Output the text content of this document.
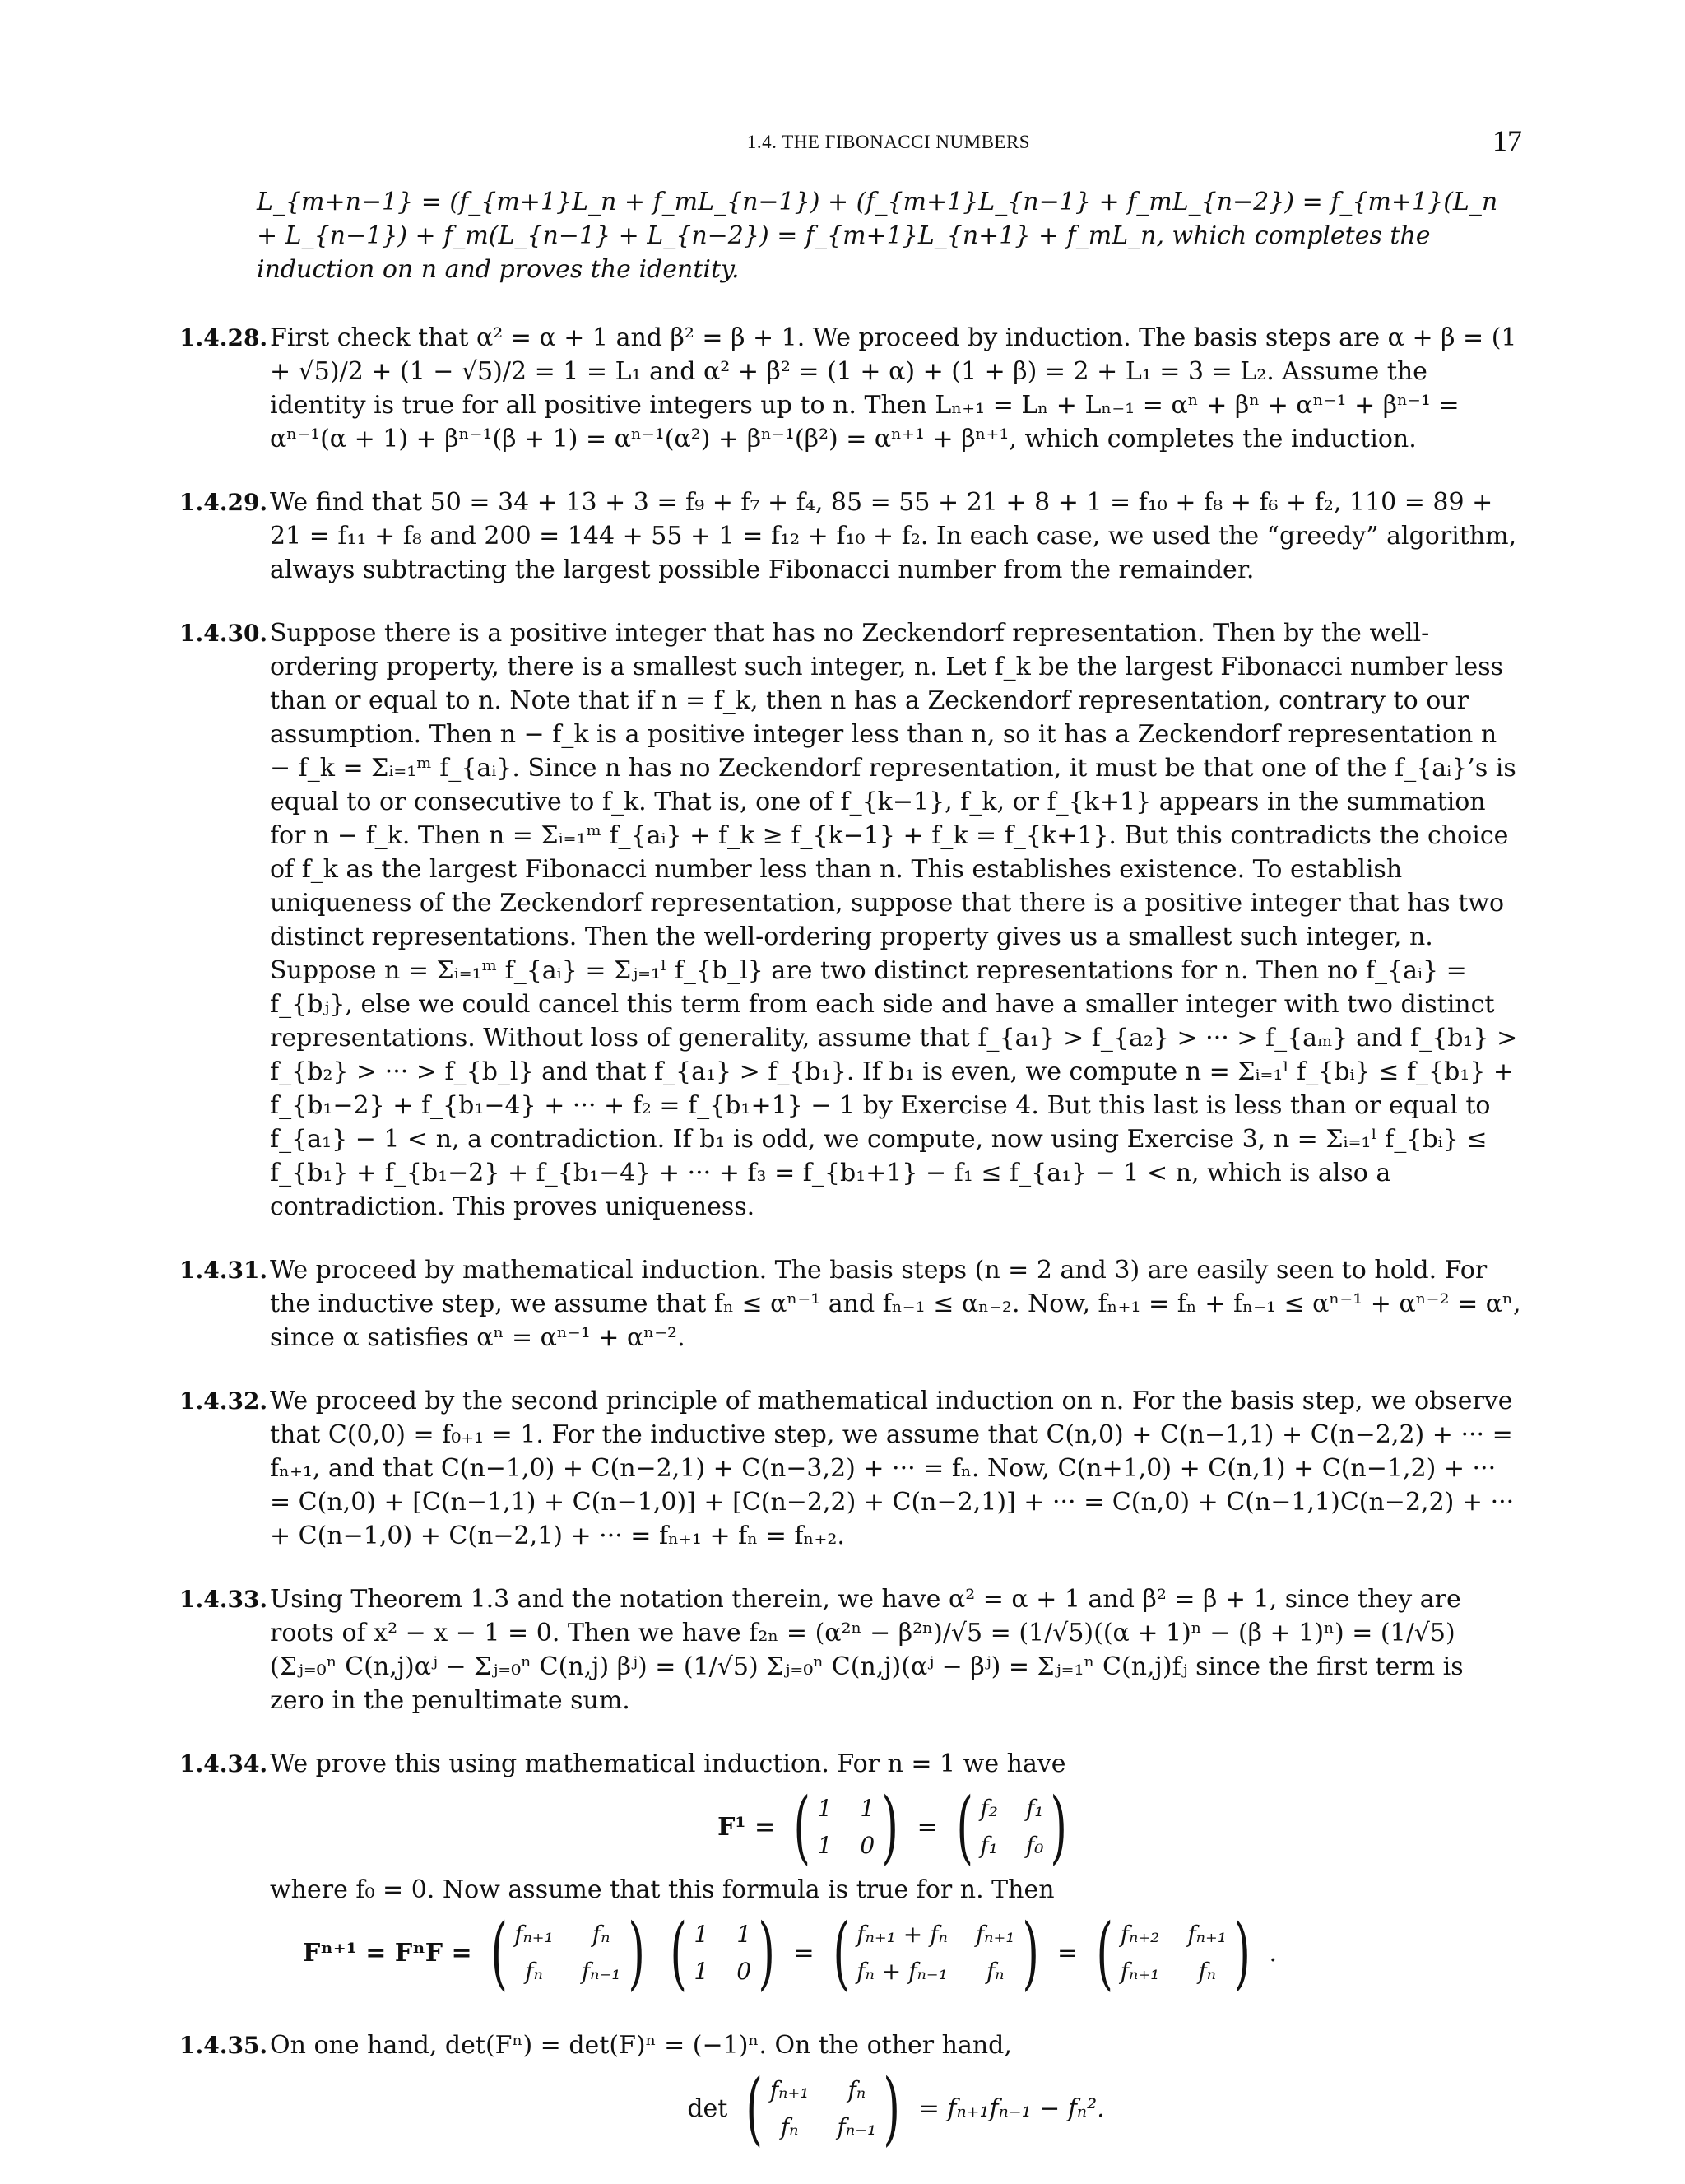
1.4. THE FIBONACCI NUMBERS	17
L_{m+n−1} = (f_{m+1}L_n + f_mL_{n−1}) + (f_{m+1}L_{n−1} + f_mL_{n−2}) = f_{m+1}(L_n + L_{n−1}) + f_m(L_{n−1} + L_{n−2}) = f_{m+1}L_{n+1} + f_mL_n, which completes the induction on n and proves the identity.
1.4.28. First check that α² = α + 1 and β² = β + 1. We proceed by induction. The basis steps are α + β = (1 + √5)/2 + (1 − √5)/2 = 1 = L₁ and α² + β² = (1 + α) + (1 + β) = 2 + L₁ = 3 = L₂. Assume the identity is true for all positive integers up to n. Then Lₙ₊₁ = Lₙ + Lₙ₋₁ = αⁿ + βⁿ + αⁿ⁻¹ + βⁿ⁻¹ = αⁿ⁻¹(α + 1) + βⁿ⁻¹(β + 1) = αⁿ⁻¹(α²) + βⁿ⁻¹(β²) = αⁿ⁺¹ + βⁿ⁺¹, which completes the induction.

1.4.29. We find that 50 = 34 + 13 + 3 = f₉ + f₇ + f₄, 85 = 55 + 21 + 8 + 1 = f₁₀ + f₈ + f₆ + f₂, 110 = 89 + 21 = f₁₁ + f₈ and 200 = 144 + 55 + 1 = f₁₂ + f₁₀ + f₂. In each case, we used the “greedy” algorithm, always subtracting the largest possible Fibonacci number from the remainder.

1.4.30. Suppose there is a positive integer that has no Zeckendorf representation. Then by the well-ordering property, there is a smallest such integer, n. Let f_k be the largest Fibonacci number less than or equal to n. Note that if n = f_k, then n has a Zeckendorf representation, contrary to our assumption. Then n − f_k is a positive integer less than n, so it has a Zeckendorf representation n − f_k = Σᵢ₌₁ᵐ f_{aᵢ}. Since n has no Zeckendorf representation, it must be that one of the f_{aᵢ}’s is equal to or consecutive to f_k. That is, one of f_{k−1}, f_k, or f_{k+1} appears in the summation for n − f_k. Then n = Σᵢ₌₁ᵐ f_{aᵢ} + f_k ≥ f_{k−1} + f_k = f_{k+1}. But this contradicts the choice of f_k as the largest Fibonacci number less than n. This establishes existence. To establish uniqueness of the Zeckendorf representation, suppose that there is a positive integer that has two distinct representations. Then the well-ordering property gives us a smallest such integer, n. Suppose n = Σᵢ₌₁ᵐ f_{aᵢ} = Σⱼ₌₁ˡ f_{b_l} are two distinct representations for n. Then no f_{aᵢ} = f_{bⱼ}, else we could cancel this term from each side and have a smaller integer with two distinct representations. Without loss of generality, assume that f_{a₁} > f_{a₂} > ··· > f_{aₘ} and f_{b₁} > f_{b₂} > ··· > f_{b_l} and that f_{a₁} > f_{b₁}. If b₁ is even, we compute n = Σᵢ₌₁ˡ f_{bᵢ} ≤ f_{b₁} + f_{b₁−2} + f_{b₁−4} + ··· + f₂ = f_{b₁+1} − 1 by Exercise 4. But this last is less than or equal to f_{a₁} − 1 < n, a contradiction. If b₁ is odd, we compute, now using Exercise 3, n = Σᵢ₌₁ˡ f_{bᵢ} ≤ f_{b₁} + f_{b₁−2} + f_{b₁−4} + ··· + f₃ = f_{b₁+1} − f₁ ≤ f_{a₁} − 1 < n, which is also a contradiction. This proves uniqueness.

1.4.31. We proceed by mathematical induction. The basis steps (n = 2 and 3) are easily seen to hold. For the inductive step, we assume that fₙ ≤ αⁿ⁻¹ and fₙ₋₁ ≤ αₙ₋₂. Now, fₙ₊₁ = fₙ + fₙ₋₁ ≤ αⁿ⁻¹ + αⁿ⁻² = αⁿ, since α satisfies αⁿ = αⁿ⁻¹ + αⁿ⁻².

1.4.32. We proceed by the second principle of mathematical induction on n. For the basis step, we observe that C(0,0) = f₀₊₁ = 1. For the inductive step, we assume that C(n,0) + C(n−1,1) + C(n−2,2) + ··· = fₙ₊₁, and that C(n−1,0) + C(n−2,1) + C(n−3,2) + ··· = fₙ. Now, C(n+1,0) + C(n,1) + C(n−1,2) + ··· = C(n,0) + [C(n−1,1) + C(n−1,0)] + [C(n−2,2) + C(n−2,1)] + ··· = C(n,0) + C(n−1,1)C(n−2,2) + ··· + C(n−1,0) + C(n−2,1) + ··· = fₙ₊₁ + fₙ = fₙ₊₂.

1.4.33. Using Theorem 1.3 and the notation therein, we have α² = α + 1 and β² = β + 1, since they are roots of x² − x − 1 = 0. Then we have f₂ₙ = (α²ⁿ − β²ⁿ)/√5 = (1/√5)((α + 1)ⁿ − (β + 1)ⁿ) = (1/√5) (Σⱼ₌₀ⁿ C(n,j)αʲ − Σⱼ₌₀ⁿ C(n,j) βʲ) = (1/√5) Σⱼ₌₀ⁿ C(n,j)(αʲ − βʲ) = Σⱼ₌₁ⁿ C(n,j)fⱼ since the first term is zero in the penultimate sum.

1.4.34. We prove this using mathematical induction. For n = 1 we have

F¹ = ( 1 1
1 0 ) = ( f₂ f₁
f₁ f₀ )

where f₀ = 0. Now assume that this formula is true for n. Then

Fⁿ⁺¹ = FⁿF = ( fₙ₊₁	fₙ
fₙ	fₙ₋₁ ) ( 1 1
1 0 ) = ( fₙ₊₁ + fₙ fₙ₊₁
fₙ + fₙ₋₁	fₙ ) = ( fₙ₊₂ fₙ₊₁
fₙ₊₁	fₙ ) .
1.4.35. On one hand, det(Fⁿ) = det(F)ⁿ = (−1)ⁿ. On the other hand,

det ( fₙ₊₁	fₙ
fₙ	fₙ₋₁ ) = fₙ₊₁fₙ₋₁ − fₙ².
